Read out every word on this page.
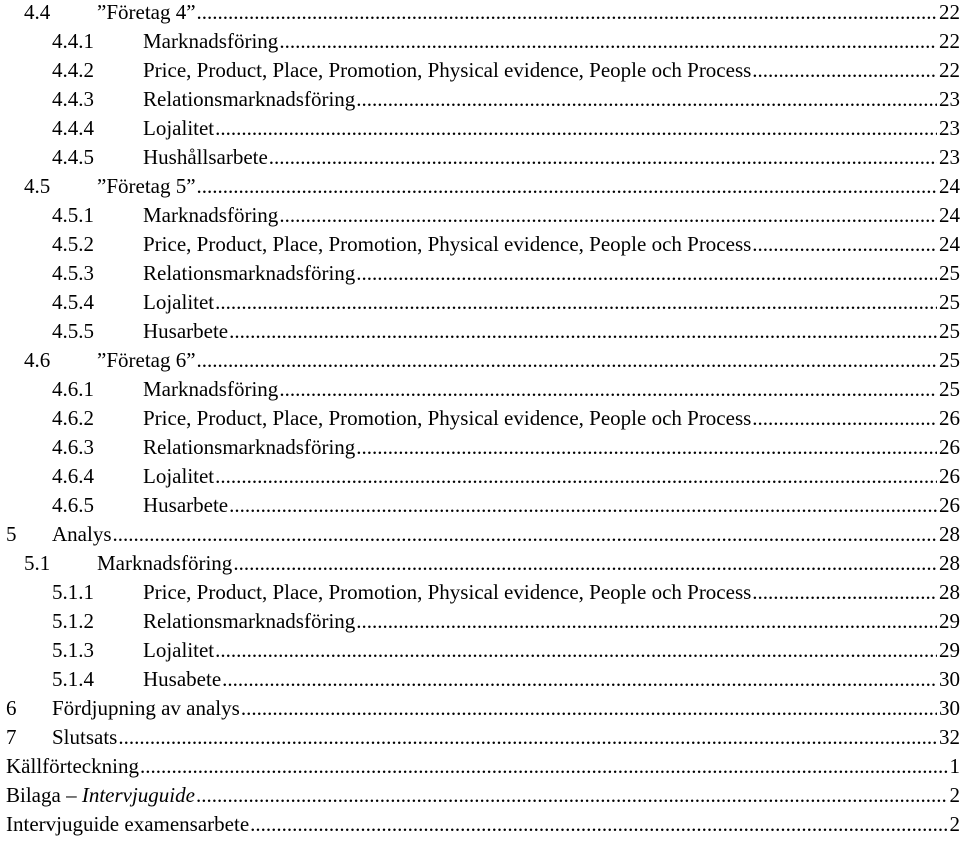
4.4 ”Företag 4” .....	22
4.4.1 Marknadsföring .....	22
4.4.2 Price, Product, Place, Promotion, Physical evidence, People och Process .....	22
4.4.3 Relationsmarknadsföring .....	23
4.4.4 Lojalitet .....	23
4.4.5 Hushållsarbete .....	23
4.5 ”Företag 5” .....	24
4.5.1 Marknadsföring .....	24
4.5.2 Price, Product, Place, Promotion, Physical evidence, People och Process .....	24
4.5.3 Relationsmarknadsföring .....	25
4.5.4 Lojalitet .....	25
4.5.5 Husarbete .....	25
4.6 ”Företag 6” .....	25
4.6.1 Marknadsföring .....	25
4.6.2 Price, Product, Place, Promotion, Physical evidence, People och Process .....	26
4.6.3 Relationsmarknadsföring .....	26
4.6.4 Lojalitet .....	26
4.6.5 Husarbete .....	26
5 Analys .....	28
5.1 Marknadsföring .....	28
5.1.1 Price, Product, Place, Promotion, Physical evidence, People och Process .....	28
5.1.2 Relationsmarknadsföring .....	29
5.1.3 Lojalitet .....	29
5.1.4 Husabete .....	30
6 Fördjupning av analys .....	30
7 Slutsats .....	32
Källförteckning .....	1
Bilaga – Intervjuguide .....	2
Intervjuguide examensarbete .....	2
